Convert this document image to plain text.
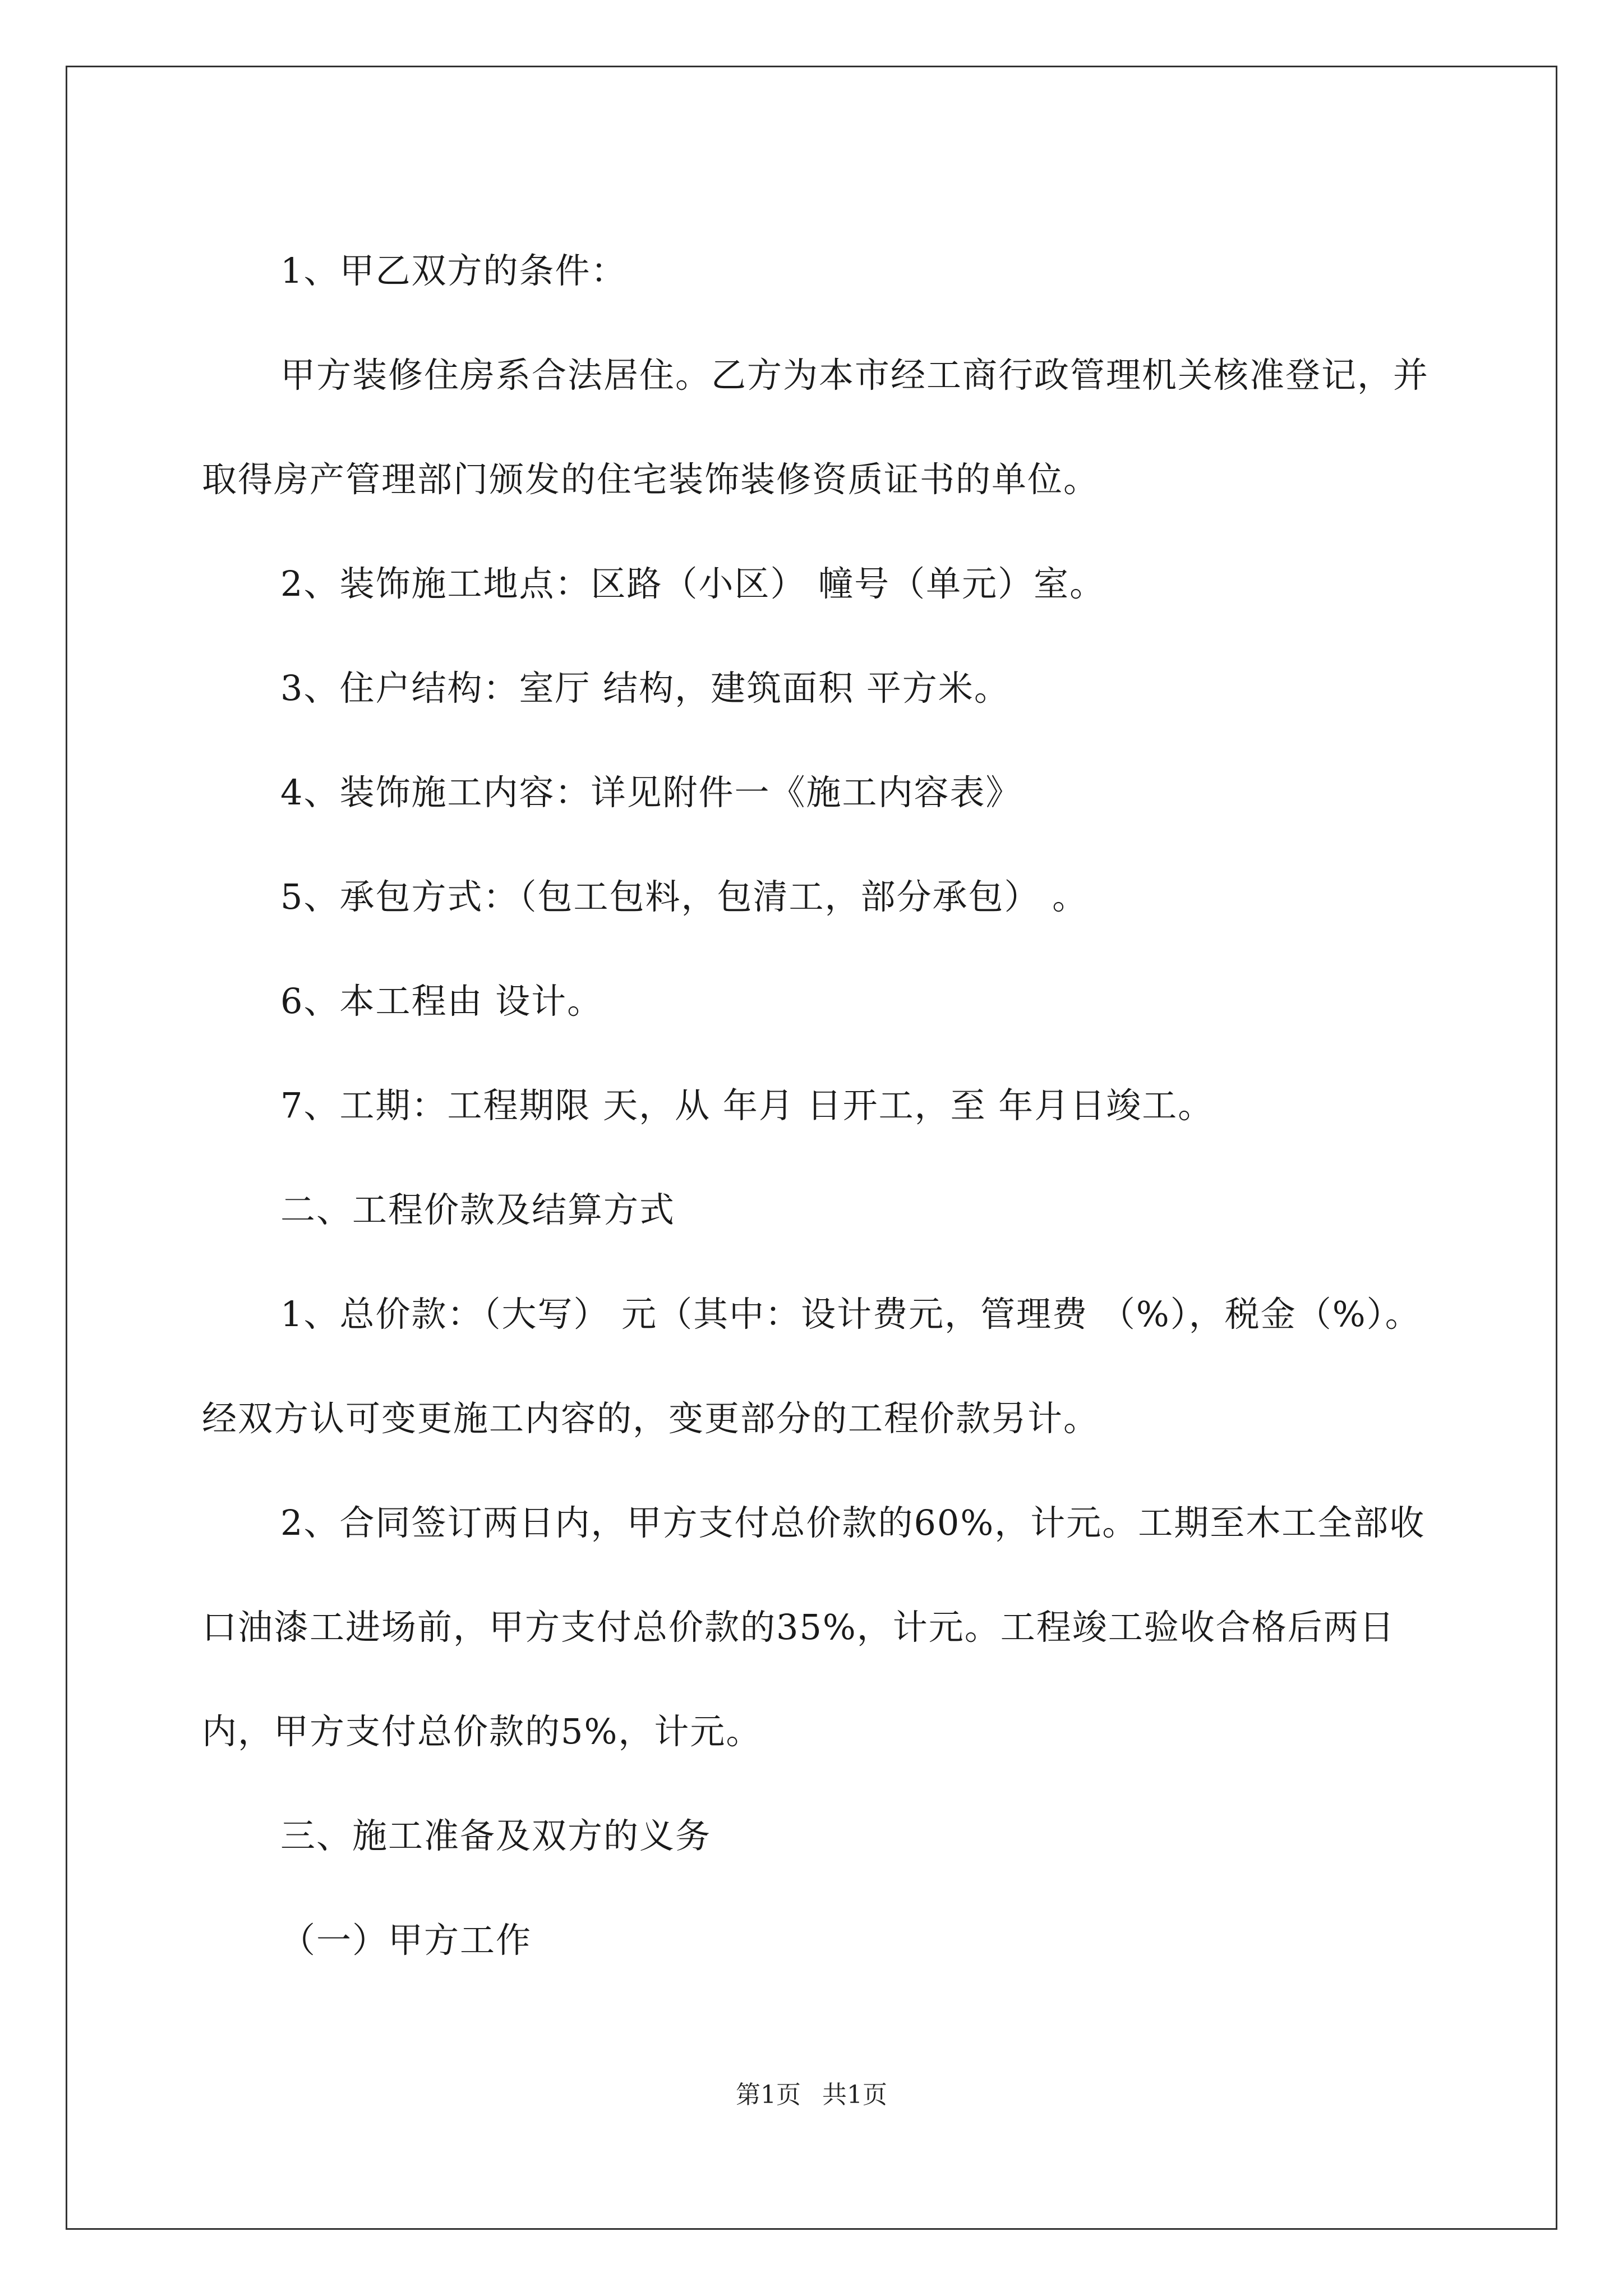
1、甲乙双方的条件：

甲方装修住房系合法居住。乙方为本市经工商行政管理机关核准登记，并取得房产管理部门颁发的住宅装饰装修资质证书的单位。

2、装饰施工地点：区路（小区） 幢号（单元）室。

3、住户结构：室厅 结构，建筑面积 平方米。

4、装饰施工内容：详见附件一《施工内容表》

5、承包方式：（包工包料，包清工，部分承包） 。

6、本工程由 设计。

7、工期：工程期限 天，从 年月 日开工，至 年月日竣工。

二、工程价款及结算方式

1、总价款：（大写） 元（其中：设计费元，管理费 （%），税金（%）。经双方认可变更施工内容的，变更部分的工程价款另计。

2、合同签订两日内，甲方支付总价款的60%，计元。工期至木工全部收口油漆工进场前，甲方支付总价款的35%，计元。工程竣工验收合格后两日内，甲方支付总价款的5%，计元。

三、施工准备及双方的义务

（一）甲方工作

第1页 共1页
